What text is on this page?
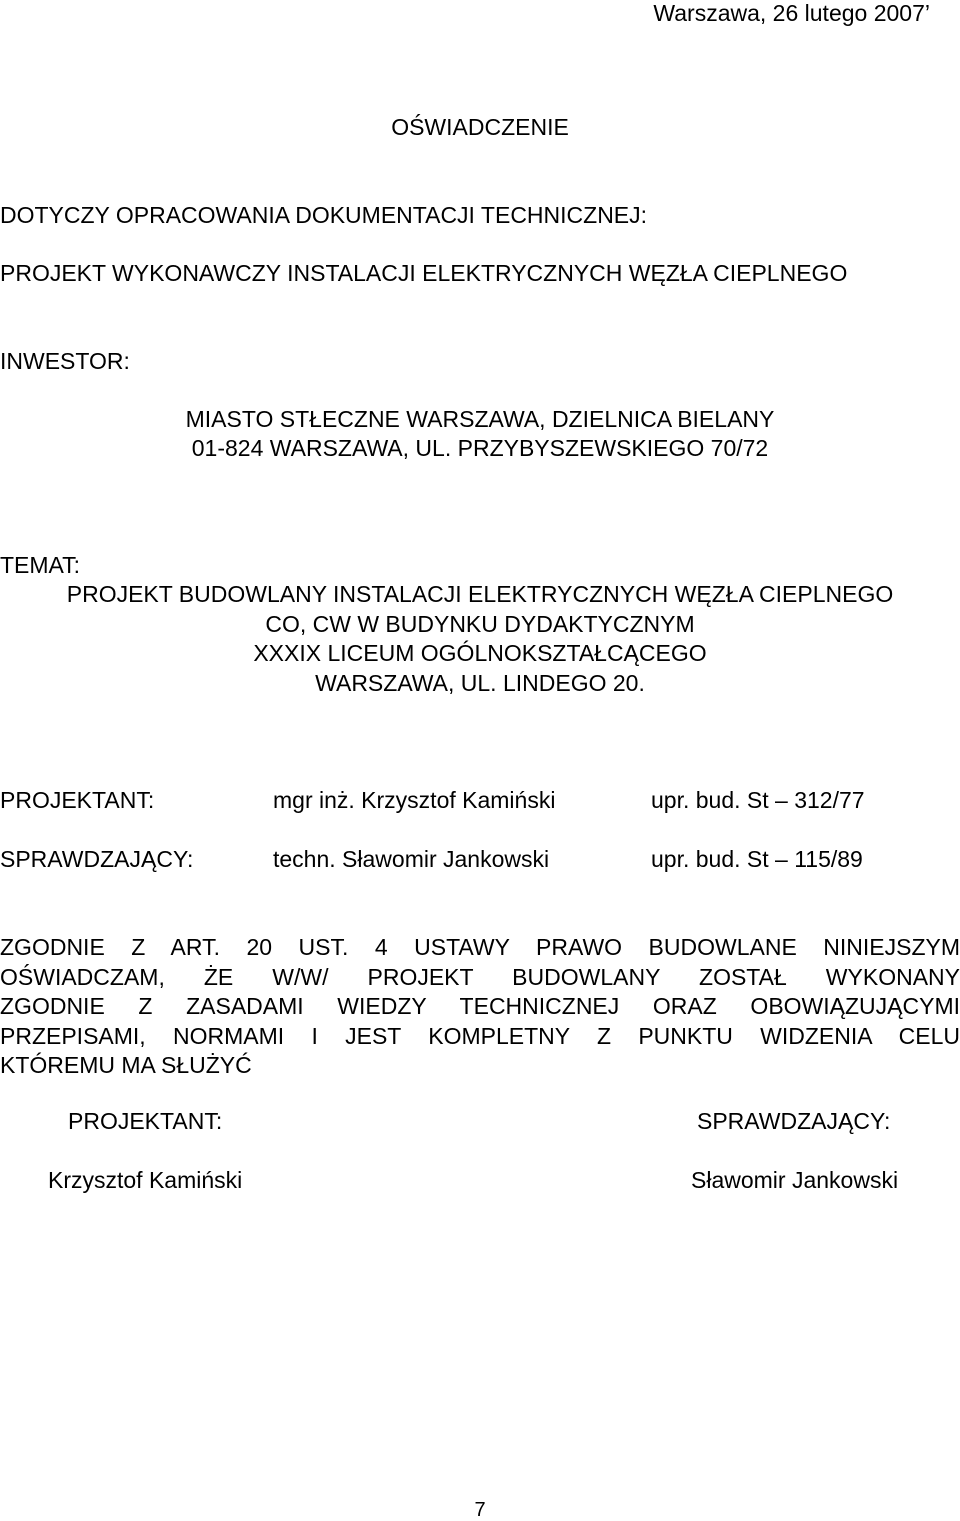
Warszawa, 26 lutego 2007’
OŚWIADCZENIE
DOTYCZY OPRACOWANIA DOKUMENTACJI TECHNICZNEJ:
PROJEKT WYKONAWCZY INSTALACJI ELEKTRYCZNYCH WĘZŁA CIEPLNEGO
INWESTOR:
MIASTO STŁECZNE WARSZAWA, DZIELNICA BIELANY
01-824 WARSZAWA, UL. PRZYBYSZEWSKIEGO 70/72
TEMAT:
PROJEKT BUDOWLANY INSTALACJI ELEKTRYCZNYCH WĘZŁA CIEPLNEGO
CO, CW W BUDYNKU DYDAKTYCZNYM
XXXIX LICEUM OGÓLNOKSZTAŁCĄCEGO
WARSZAWA, UL. LINDEGO 20.
PROJEKTANT:	mgr inż. Krzysztof Kamiński	upr. bud. St – 312/77
SPRAWDZAJĄCY:	techn. Sławomir Jankowski	upr. bud. St – 115/89

ZGODNIE Z ART. 20 UST. 4 USTAWY PRAWO BUDOWLANE NINIEJSZYM

OŚWIADCZAM, ŻE W/W/ PROJEKT BUDOWLANY ZOSTAŁ WYKONANY

ZGODNIE Z ZASADAMI WIEDZY TECHNICZNEJ ORAZ OBOWIĄZUJĄCYMI

PRZEPISAMI, NORMAMI I JEST KOMPLETNY Z PUNKTU WIDZENIA CELU

KTÓREMU MA SŁUŻYĆ

PROJEKTANT:	SPRAWDZAJĄCY:
Krzysztof Kamiński	Sławomir Jankowski
7
